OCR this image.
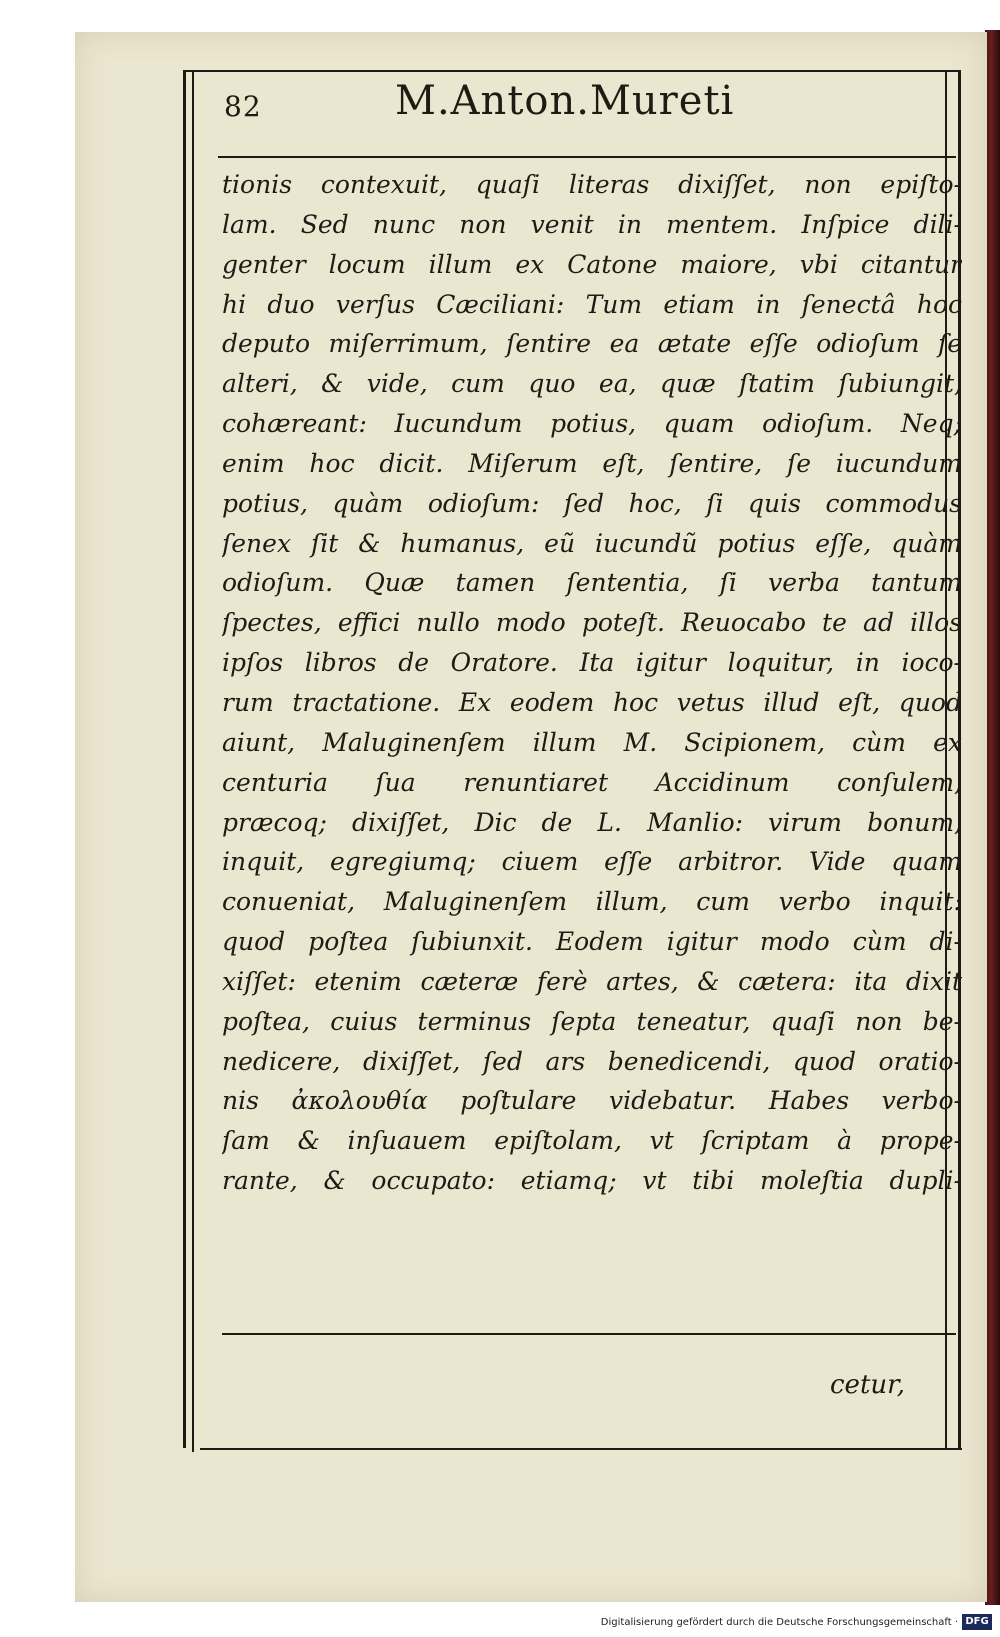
82	M.Anton.Mureti
tionis contexuit, quaſi literas dixiſſet, non epiſto-
lam. Sed nunc non venit in mentem. Inſpice dili-
genter locum illum ex Catone maiore, vbi citantur
hi duo verſus Cæciliani: Tum etiam in ſenectâ hoc
deputo miſerrimum, ſentire ea ætate eſſe odioſum ſe
alteri, & vide, cum quo ea, quæ ſtatim ſubiungit,
cohæreant: Iucundum potius, quam odioſum. Neq;
enim hoc dicit. Miſerum eſt, ſentire, ſe iucundum
potius, quàm odioſum: ſed hoc, ſi quis commodus
ſenex ſit & humanus, eũ iucundũ potius eſſe, quàm
odioſum. Quæ tamen ſententia, ſi verba tantum
ſpectes, effici nullo modo poteſt. Reuocabo te ad illos
ipſos libros de Oratore. Ita igitur loquitur, in ioco-
rum tractatione. Ex eodem hoc vetus illud eſt, quod
aiunt, Maluginenſem illum M. Scipionem, cùm ex
centuria ſua renuntiaret Accidinum conſulem,
præcoq; dixiſſet, Dic de L. Manlio: virum bonum,
inquit, egregiumq; ciuem eſſe arbitror. Vide quam
conueniat, Maluginenſem illum, cum verbo inquit:
quod poſtea ſubiunxit. Eodem igitur modo cùm di-
xiſſet: etenim cæteræ ferè artes, & cætera: ita dixit
poſtea, cuius terminus ſepta teneatur, quaſi non be-
nedicere, dixiſſet, ſed ars benedicendi, quod oratio-
nis ἀκολουθία poſtulare videbatur. Habes verbo-
ſam & inſuauem epiſtolam, vt ſcriptam à prope-
rante, & occupato: etiamq; vt tibi moleſtia dupli-
cetur,
Digitalisierung gefördert durch die Deutsche Forschungsgemeinschaft · DFG
